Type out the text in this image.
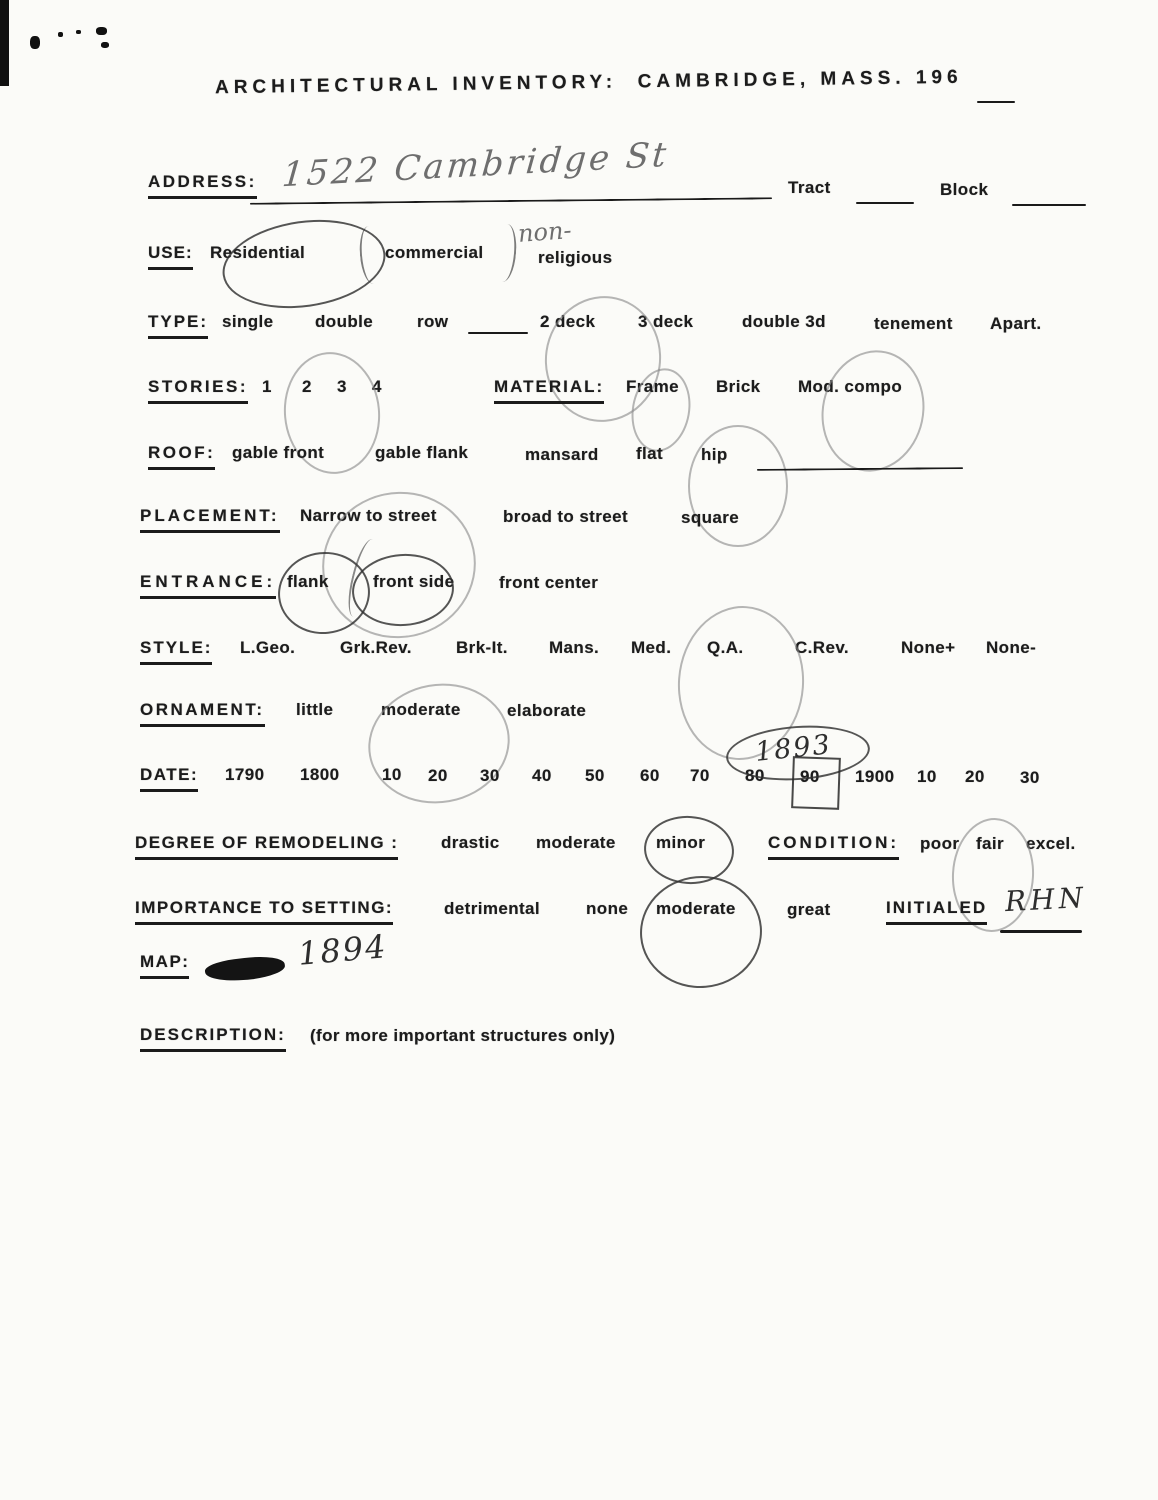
ARCHITECTURAL INVENTORY:  CAMBRIDGE, MASS. 196
ADDRESS: 1522 Cambridge St	Tract	Block
USE: Residential	commercial
non-
religious
TYPE: single double	row	2 deck	3 deck	double 3d	tenement Apart.
STORIES: 1 2 3 4	MATERIAL: Frame Brick Mod. compo
ROOF: gable front	gable flank	mansard flat hip
PLACEMENT: Narrow to street	broad to street	square
ENTRANCE: flank	front side	front center
STYLE: L.Geo.	Grk.Rev.	Brk-It. Mans. Med. Q.A.	C.Rev.	None+ None-
ORNAMENT: little	moderate	elaborate
DATE: 1790 1800	10 20 30 40 50 60 70 80 90 1900 10 20 30
1893
DEGREE OF REMODELING :	drastic moderate minor	CONDITION: poor fair excel.
IMPORTANCE TO SETTING:	detrimental	none moderate	great	INITIALED RHN
MAP:	1894
DESCRIPTION: (for more important structures only)
